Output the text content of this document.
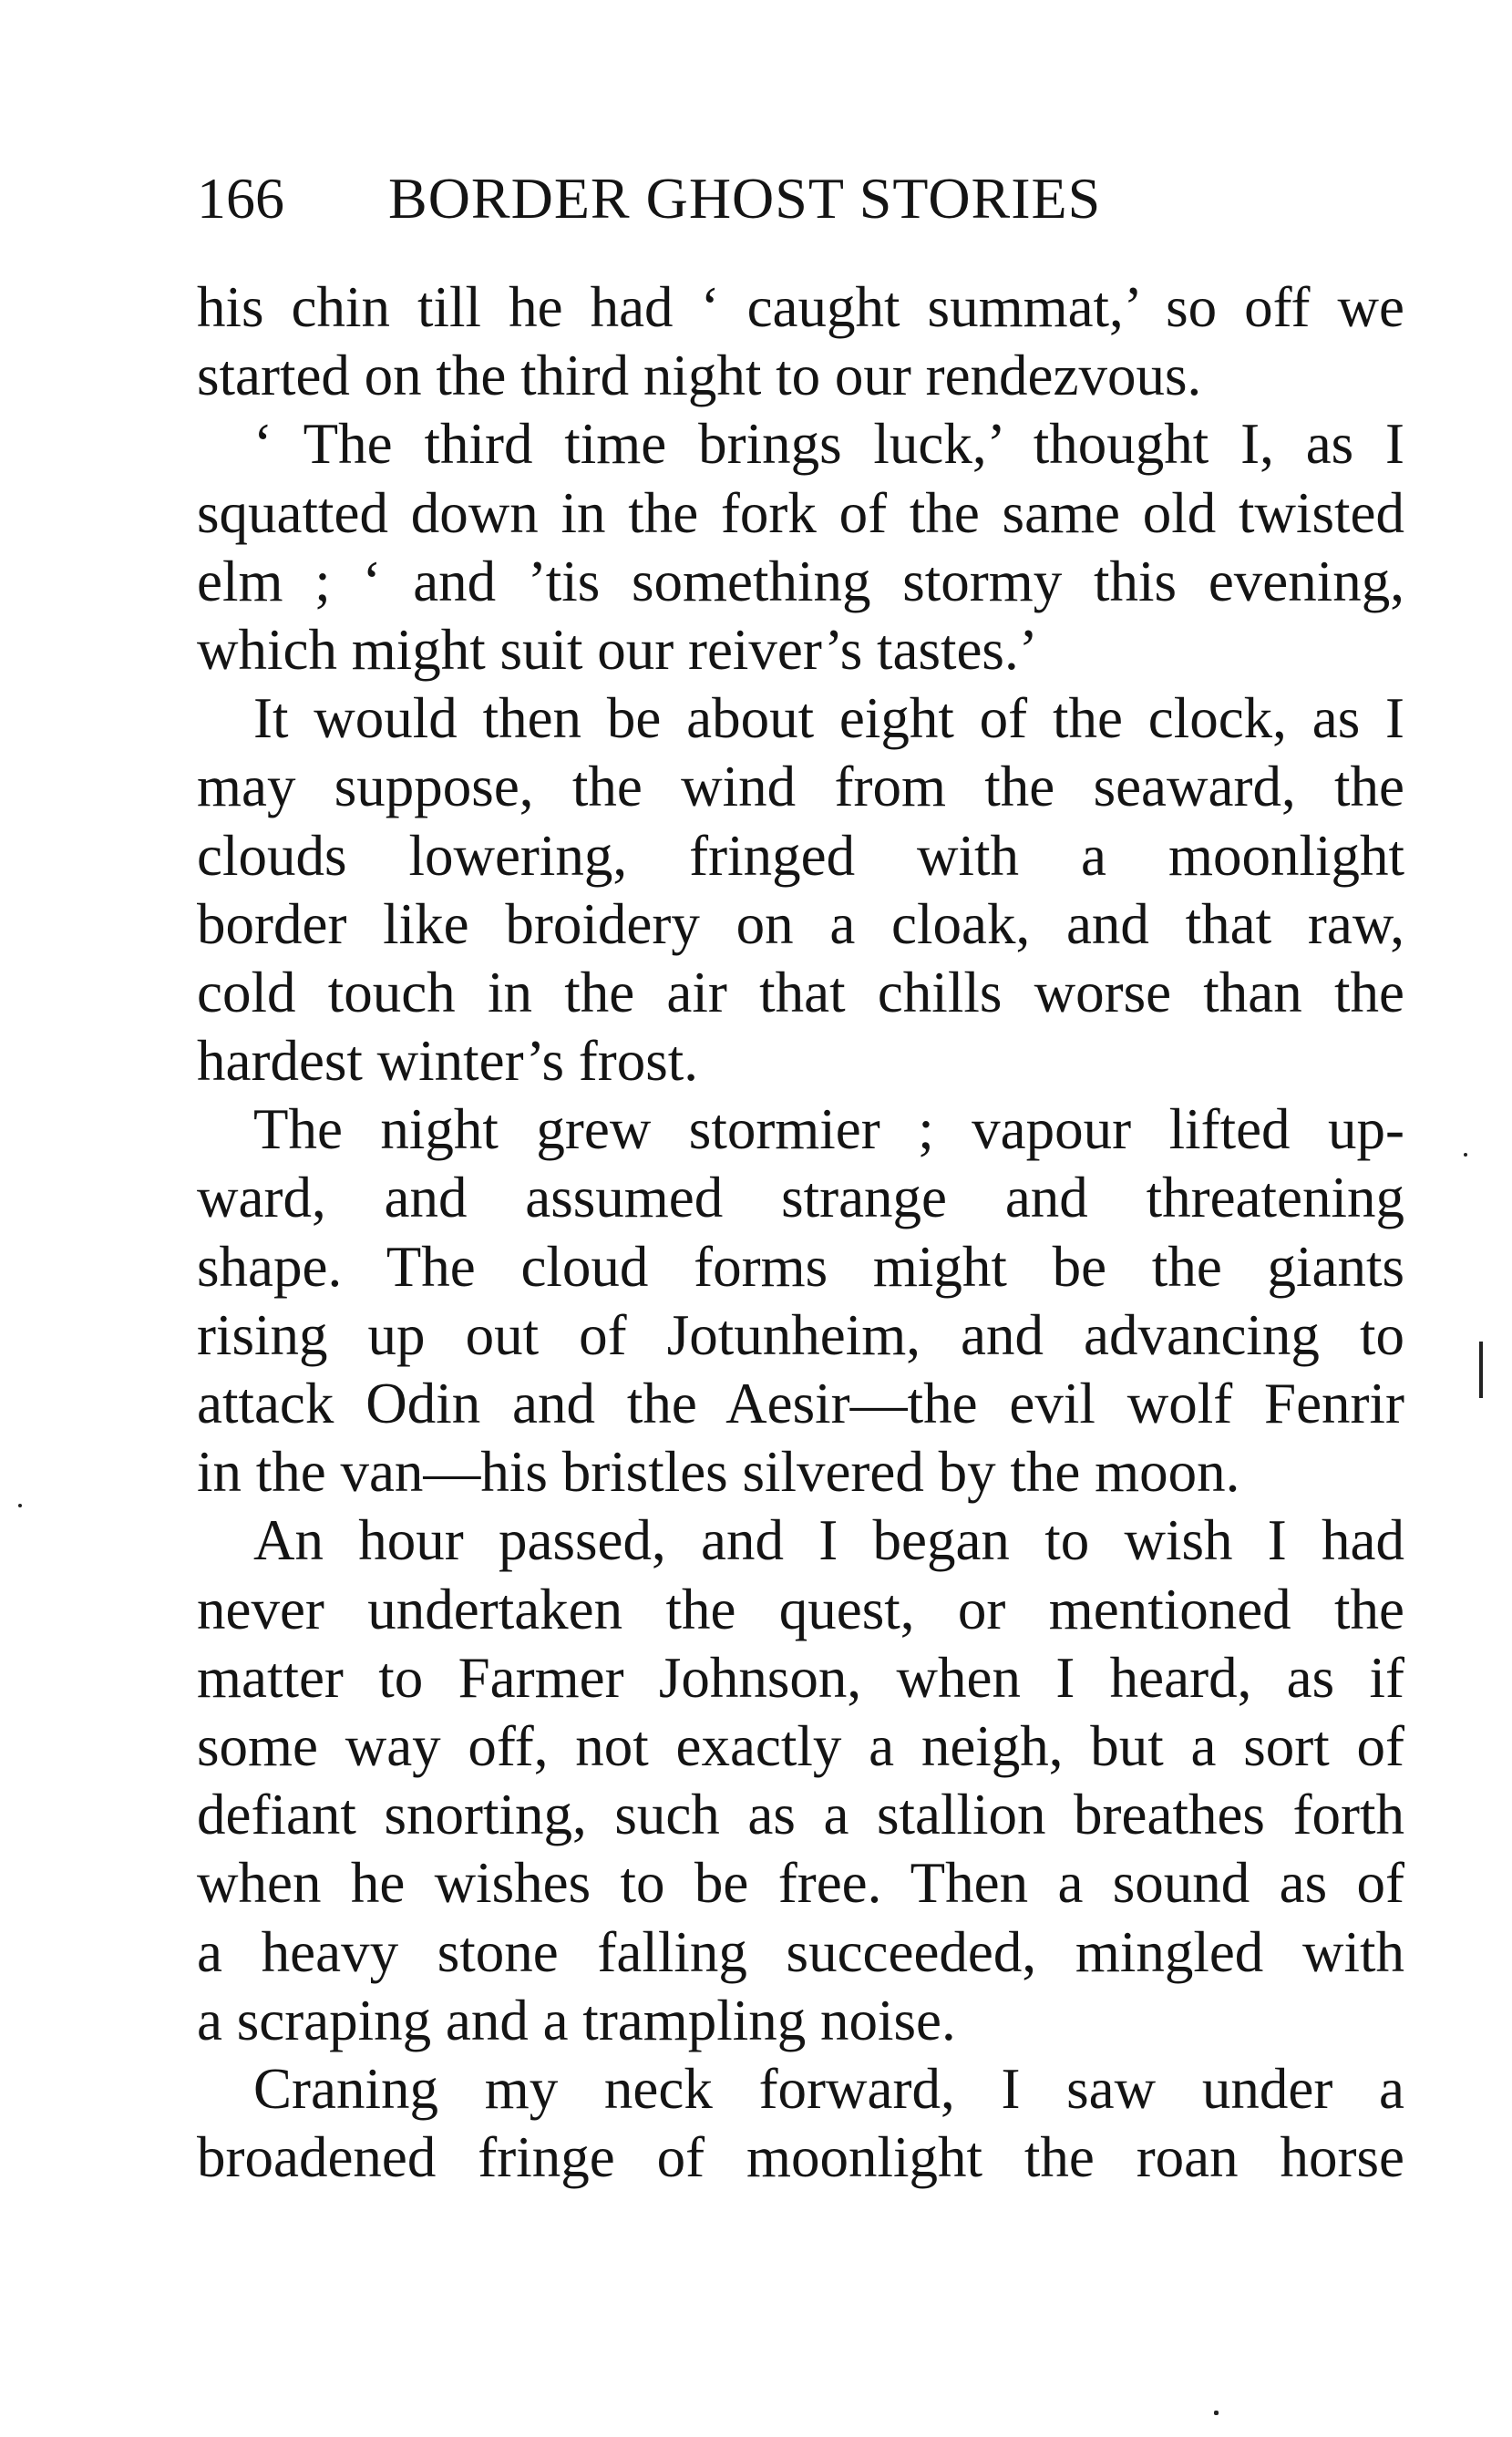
166 BORDER GHOST STORIES
his chin till he had ‘ caught summat,’ so off we
started on the third night to our rendezvous.
‘ The third time brings luck,’ thought I, as I
squatted down in the fork of the same old twisted
elm ; ‘ and ’tis something stormy this evening,
which might suit our reiver’s tastes.’
It would then be about eight of the clock, as I
may suppose, the wind from the seaward, the
clouds lowering, fringed with a moonlight
border like broidery on a cloak, and that raw,
cold touch in the air that chills worse than the
hardest winter’s frost.
The night grew stormier ; vapour lifted up-
ward, and assumed strange and threatening
shape. The cloud forms might be the giants
rising up out of Jotunheim, and advancing to
attack Odin and the Aesir—the evil wolf Fenrir
in the van—his bristles silvered by the moon.
An hour passed, and I began to wish I had
never undertaken the quest, or mentioned the
matter to Farmer Johnson, when I heard, as if
some way off, not exactly a neigh, but a sort of
defiant snorting, such as a stallion breathes forth
when he wishes to be free. Then a sound as of
a heavy stone falling succeeded, mingled with
a scraping and a trampling noise.
Craning my neck forward, I saw under a
broadened fringe of moonlight the roan horse
